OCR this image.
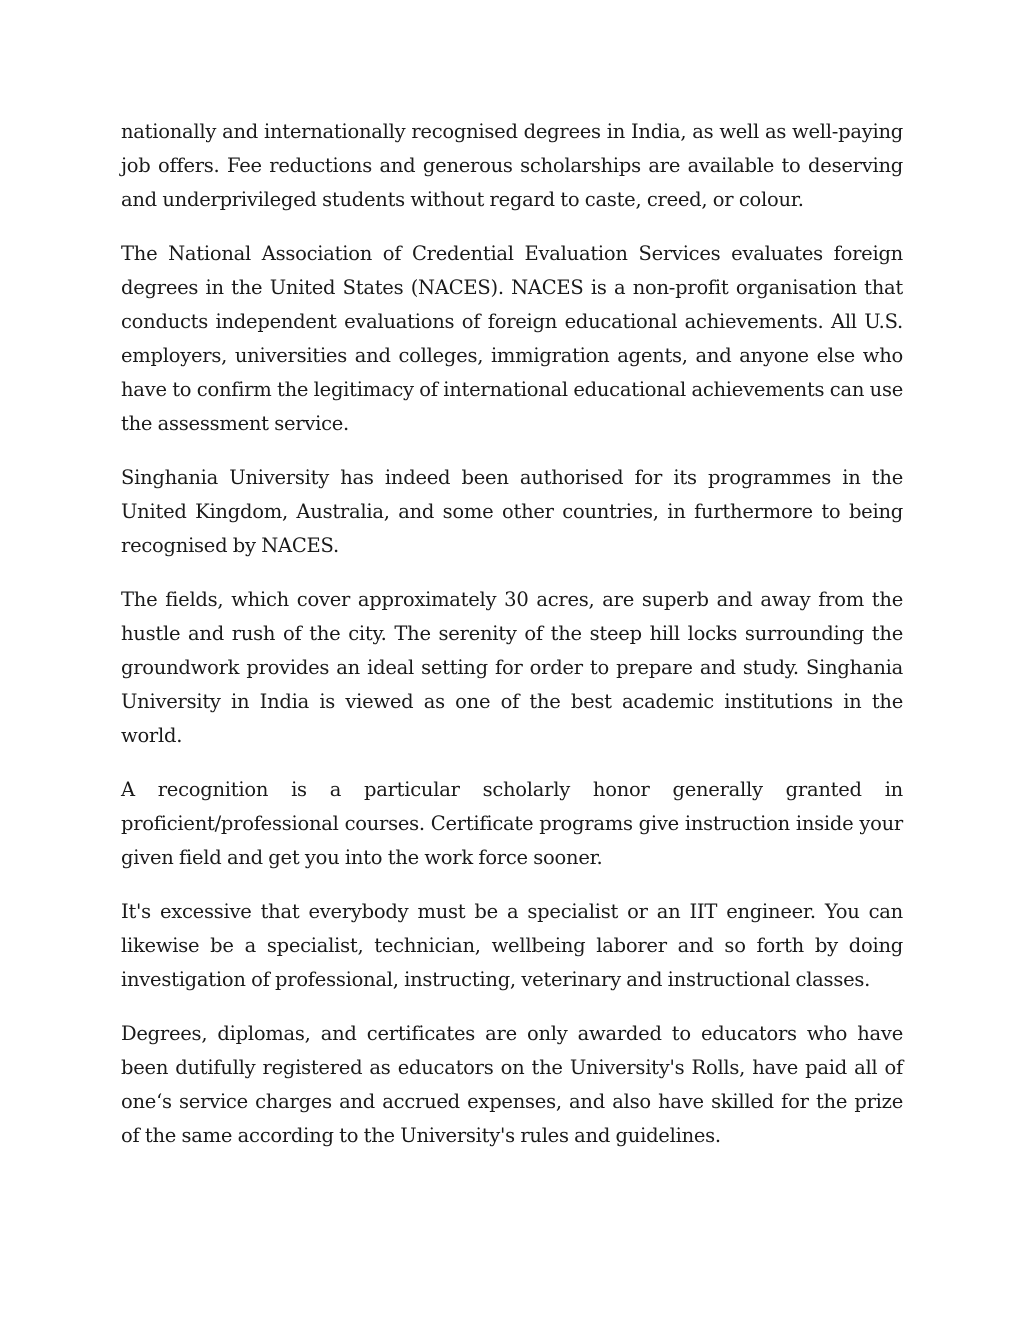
nationally and internationally recognised degrees in India, as well as well-paying job offers. Fee reductions and generous scholarships are available to deserving and underprivileged students without regard to caste, creed, or colour.

The National Association of Credential Evaluation Services evaluates foreign degrees in the United States (NACES). NACES is a non-profit organisation that conducts independent evaluations of foreign educational achievements. All U.S. employers, universities and colleges, immigration agents, and anyone else who have to confirm the legitimacy of international educational achievements can use the assessment service.

Singhania University has indeed been authorised for its programmes in the United Kingdom, Australia, and some other countries, in furthermore to being recognised by NACES.

The fields, which cover approximately 30 acres, are superb and away from the hustle and rush of the city. The serenity of the steep hill locks surrounding the groundwork provides an ideal setting for order to prepare and study. Singhania University in India is viewed as one of the best academic institutions in the world.

A recognition is a particular scholarly honor generally granted in proficient/professional courses. Certificate programs give instruction inside your given field and get you into the work force sooner.

It's excessive that everybody must be a specialist or an IIT engineer. You can likewise be a specialist, technician, wellbeing laborer and so forth by doing investigation of professional, instructing, veterinary and instructional classes.

Degrees, diplomas, and certificates are only awarded to educators who have been dutifully registered as educators on the University's Rolls, have paid all of one‘s service charges and accrued expenses, and also have skilled for the prize of the same according to the University's rules and guidelines.
